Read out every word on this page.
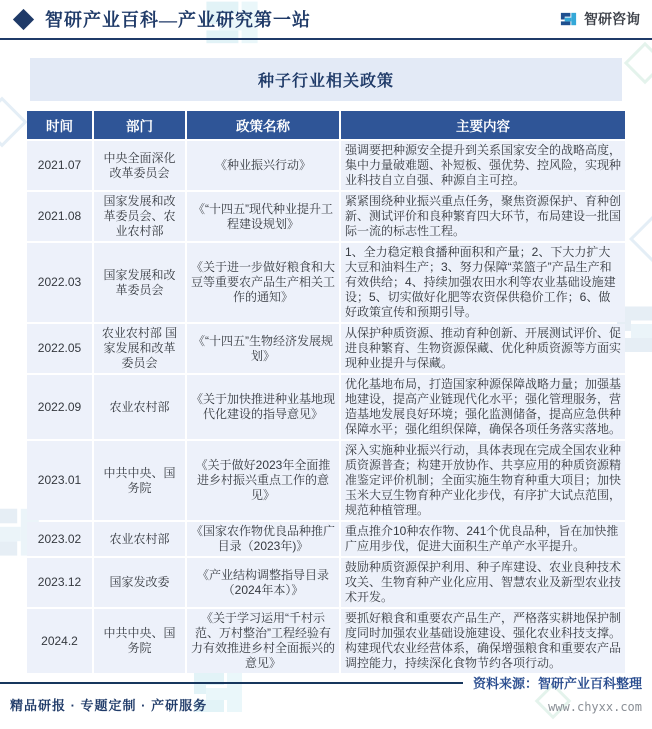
智研产业百科—产业研究第一站	智研咨询
种子行业相关政策
时间	部门	政策名称	主要内容
2021.07	中央全面深化改革委员会	《种业振兴行动》	强调要把种源安全提升到关系国家安全的战略高度，集中力量破难题、补短板、强优势、控风险，实现种业科技自立自强、种源自主可控。
2021.08	国家发展和改革委员会、农业农村部	《“十四五”现代种业提升工程建设规划》	紧紧围绕种业振兴重点任务，聚焦资源保护、育种创新、测试评价和良种繁育四大环节，布局建设一批国际一流的标志性工程。
2022.03	国家发展和改革委员会	《关于进一步做好粮食和大豆等重要农产品生产相关工作的通知》	1、全力稳定粮食播种面积和产量；2、下大力扩大大豆和油料生产；3、努力保障“菜篮子”产品生产和有效供给；4、持续加强农田水利等农业基础设施建设；5、切实做好化肥等农资保供稳价工作；6、做好政策宣传和预期引导。
2022.05	农业农村部 国家发展和改革委员会	《“十四五”生物经济发展规划》	从保护种质资源、推动育种创新、开展测试评价、促进良种繁育、生物资源保藏、优化种质资源等方面实现种业提升与保藏。
2022.09	农业农村部	《关于加快推进种业基地现代化建设的指导意见》	优化基地布局，打造国家种源保障战略力量；加强基地建设，提高产业链现代化水平；强化管理服务，营造基地发展良好环境；强化监测储备，提高应急供种保障水平；强化组织保障，确保各项任务落实落地。
2023.01	中共中央、国务院	《关于做好2023年全面推进乡村振兴重点工作的意见》	深入实施种业振兴行动，具体表现在完成全国农业种质资源普查；构建开放协作、共享应用的种质资源精准鉴定评价机制；全面实施生物育种重大项目；加快玉米大豆生物育种产业化步伐，有序扩大试点范围，规范种植管理。
2023.02	农业农村部	《国家农作物优良品种推广目录（2023年)》	重点推介10种农作物、241个优良品种，旨在加快推广应用步伐，促进大面积生产单产水平提升。
2023.12	国家发改委	《产业结构调整指导目录（2024年本）》	鼓励种质资源保护利用、种子库建设、农业良种技术攻关、生物育种产业化应用、智慧农业及新型农业技术开发。
2024.2	中共中央、国务院	《关于学习运用“千村示范、万村整治”工程经验有力有效推进乡村全面振兴的意见》	要抓好粮食和重要农产品生产，严格落实耕地保护制度同时加强农业基础设施建设、强化农业科技支撑。构建现代农业经营体系，确保增强粮食和重要农产品调控能力，持续深化食物节约各项行动。
资料来源：智研产业百科整理
精品研报 · 专题定制 · 产研服务	www.chyxx.com
